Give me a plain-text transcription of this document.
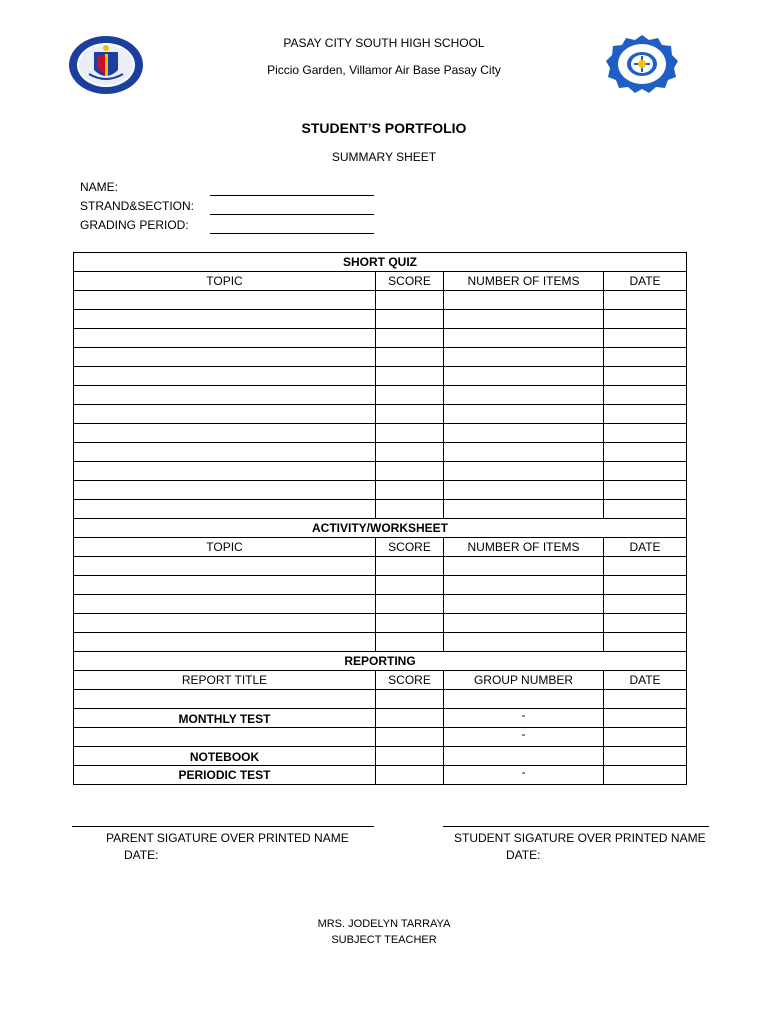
PASAY CITY SOUTH HIGH SCHOOL
Piccio Garden, Villamor Air Base Pasay City
STUDENT’S PORTFOLIO
SUMMARY SHEET
NAME:
STRAND&SECTION:
GRADING PERIOD:
SHORT QUIZ			
TOPIC	SCORE	NUMBER OF ITEMS	DATE

ACTIVITY/WORKSHEET			
TOPIC	SCORE	NUMBER OF ITEMS	DATE

REPORTING			
REPORT TITLE	SCORE	GROUP NUMBER	DATE

MONTHLY TEST		-	
		-	
NOTEBOOK			
PERIODIC TEST		-	
PARENT SIGATURE OVER PRINTED NAME
DATE:
STUDENT SIGATURE OVER PRINTED NAME
DATE:
MRS. JODELYN TARRAYA
SUBJECT TEACHER
